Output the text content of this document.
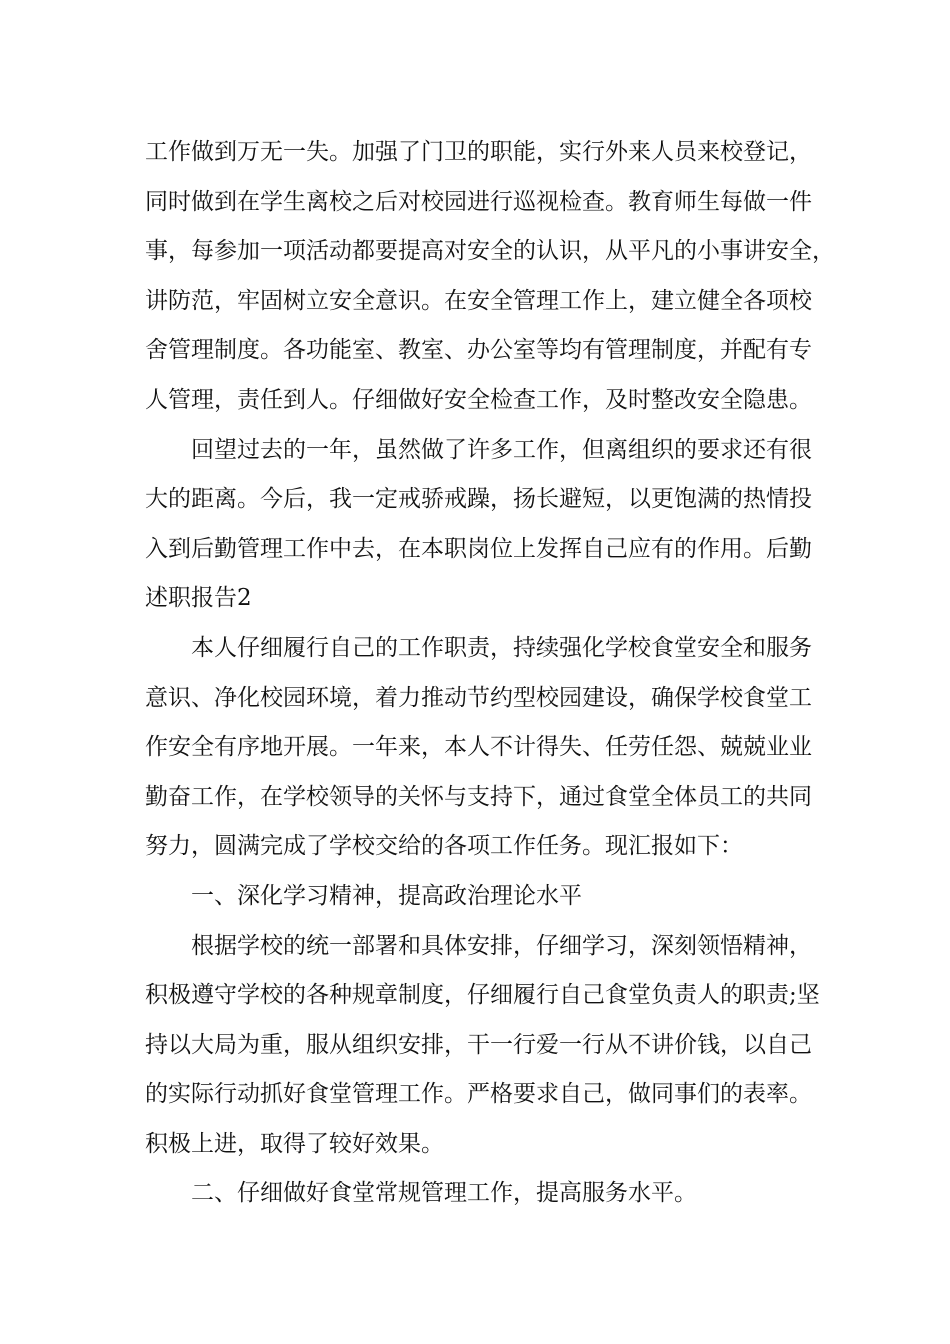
工作做到万无一失。加强了门卫的职能，实行外来人员来校登记，
同时做到在学生离校之后对校园进行巡视检查。教育师生每做一件
事，每参加一项活动都要提高对安全的认识，从平凡的小事讲安全，
讲防范，牢固树立安全意识。在安全管理工作上，建立健全各项校
舍管理制度。各功能室、教室、办公室等均有管理制度，并配有专
人管理，责任到人。仔细做好安全检查工作，及时整改安全隐患。
回望过去的一年，虽然做了许多工作，但离组织的要求还有很
大的距离。今后，我一定戒骄戒躁，扬长避短，以更饱满的热情投
入到后勤管理工作中去，在本职岗位上发挥自己应有的作用。后勤
述职报告2
本人仔细履行自己的工作职责，持续强化学校食堂安全和服务
意识、净化校园环境，着力推动节约型校园建设，确保学校食堂工
作安全有序地开展。一年来，本人不计得失、任劳任怨、兢兢业业
勤奋工作，在学校领导的关怀与支持下，通过食堂全体员工的共同
努力，圆满完成了学校交给的各项工作任务。现汇报如下：
一、深化学习精神，提高政治理论水平
根据学校的统一部署和具体安排，仔细学习，深刻领悟精神，
积极遵守学校的各种规章制度，仔细履行自己食堂负责人的职责;坚
持以大局为重，服从组织安排，干一行爱一行从不讲价钱，以自己
的实际行动抓好食堂管理工作。严格要求自己，做同事们的表率。
积极上进，取得了较好效果。
二、仔细做好食堂常规管理工作，提高服务水平。
